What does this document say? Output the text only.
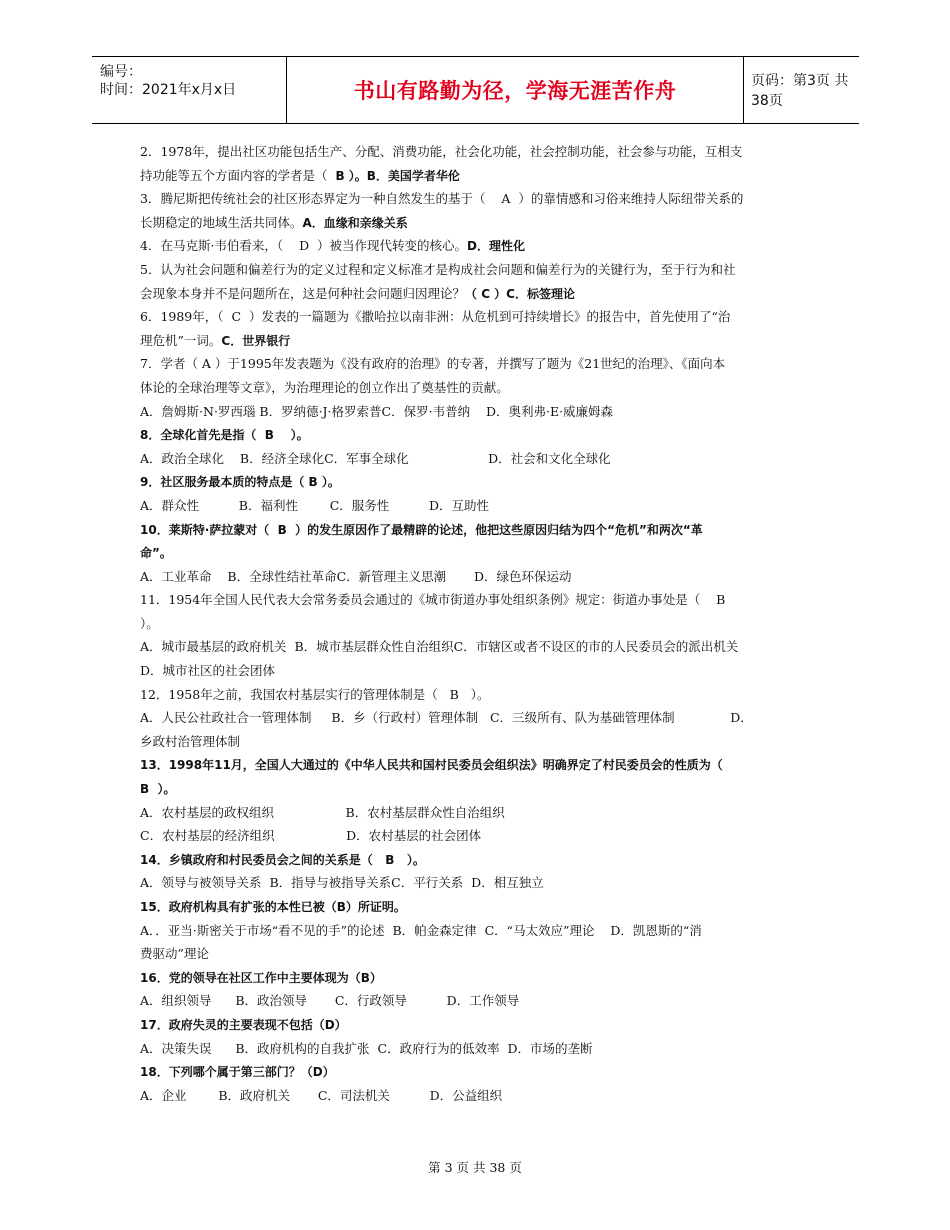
编号：
时间：2021年x月x日	书山有路勤为径，学海无涯苦作舟	页码：第3页 共38页
2．1978年，提出社区功能包括生产、分配、消费功能，社会化功能，社会控制功能，社会参与功能，互相支
持功能等五个方面内容的学者是（  B ）。B．美国学者华伦
3．腾尼斯把传统社会的社区形态界定为一种自然发生的基于（    A  ）的靠情感和习俗来维持人际纽带关系的
长期稳定的地域生活共同体。A．血缘和亲缘关系
4．在马克斯·韦伯看来，（    D  ）被当作现代转变的核心。D．理性化
5．认为社会问题和偏差行为的定义过程和定义标准才是构成社会问题和偏差行为的关键行为，至于行为和社
会现象本身并不是问题所在，这是何种社会问题归因理论？（ C ）C．标签理论
6．1989年，（  C  ）发表的一篇题为《撒哈拉以南非洲：从危机到可持续增长》的报告中，首先使用了“治
理危机”一词。C．世界银行
7．学者（ A ）于1995年发表题为《没有政府的治理》的专著，并撰写了题为《21世纪的治理》、《面向本
体论的全球治理等文章》，为治理理论的创立作出了奠基性的贡献。
A．詹姆斯·N·罗西瑙 B．罗纳德·J·格罗索普C．保罗·韦普纳    D．奥利弗·E·威廉姆森
8．全球化首先是指（  B    ）。
A．政治全球化    B．经济全球化C．军事全球化                    D．社会和文化全球化
9．社区服务最本质的特点是（ B ）。
A．群众性          B．福利性        C．服务性          D．互助性
10．莱斯特·萨拉蒙对（  B  ）的发生原因作了最精辟的论述，他把这些原因归结为四个“危机”和两次“革
命”。
A．工业革命    B．全球性结社革命C．新管理主义思潮       D．绿色环保运动
11．1954年全国人民代表大会常务委员会通过的《城市街道办事处组织条例》规定：街道办事处是（    B
）。
A．城市最基层的政府机关  B．城市基层群众性自治组织C．市辖区或者不设区的市的人民委员会的派出机关
D．城市社区的社会团体
12．1958年之前，我国农村基层实行的管理体制是（   B   ）。
A．人民公社政社合一管理体制     B．乡（行政村）管理体制   C．三级所有、队为基础管理体制              D．
乡政村治管理体制
13．1998年11月，全国人大通过的《中华人民共和国村民委员会组织法》明确界定了村民委员会的性质为（
B  ）。
A．农村基层的政权组织                  B．农村基层群众性自治组织
C．农村基层的经济组织                  D．农村基层的社会团体
14．乡镇政府和村民委员会之间的关系是（   B   ）。
A．领导与被领导关系  B．指导与被指导关系C．平行关系  D．相互独立
15．政府机构具有扩张的本性已被（B）所证明。
A．．亚当·斯密关于市场“看不见的手”的论述  B．帕金森定律  C．“马太效应”理论    D．凯恩斯的“消
费驱动”理论
16．党的领导在社区工作中主要体现为（B）
A．组织领导      B．政治领导       C．行政领导          D．工作领导
17．政府失灵的主要表现不包括（D）
A．决策失误      B．政府机构的自我扩张  C．政府行为的低效率  D．市场的垄断
18．下列哪个属于第三部门？（D）
A．企业        B．政府机关       C．司法机关          D．公益组织
第 3 页 共 38 页
